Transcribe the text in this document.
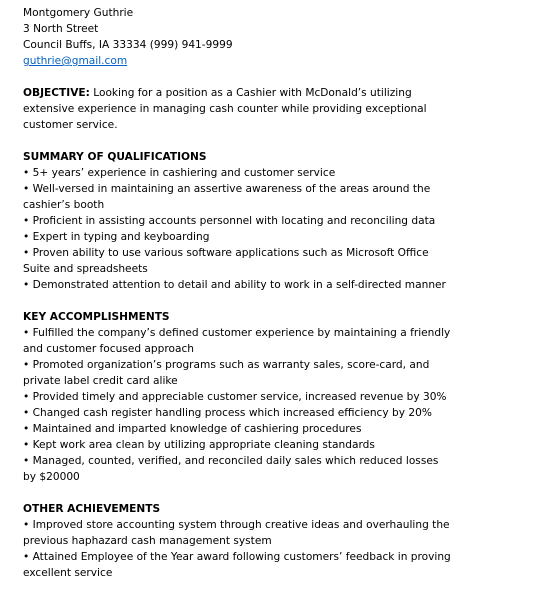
Montgomery Guthrie
3 North Street
Council Buffs, IA 33334 (999) 941-9999
guthrie@gmail.com
OBJECTIVE: Looking for a position as a Cashier with McDonald’s utilizing extensive experience in managing cash counter while providing exceptional customer service.
SUMMARY OF QUALIFICATIONS
• 5+ years’ experience in cashiering and customer service
• Well-versed in maintaining an assertive awareness of the areas around the cashier’s booth
• Proficient in assisting accounts personnel with locating and reconciling data
• Expert in typing and keyboarding
• Proven ability to use various software applications such as Microsoft Office Suite and spreadsheets
• Demonstrated attention to detail and ability to work in a self-directed manner
KEY ACCOMPLISHMENTS
• Fulfilled the company’s defined customer experience by maintaining a friendly and customer focused approach
• Promoted organization’s programs such as warranty sales, score-card, and private label credit card alike
• Provided timely and appreciable customer service, increased revenue by 30%
• Changed cash register handling process which increased efficiency by 20%
• Maintained and imparted knowledge of cashiering procedures
• Kept work area clean by utilizing appropriate cleaning standards
• Managed, counted, verified, and reconciled daily sales which reduced losses by $20000
OTHER ACHIEVEMENTS
• Improved store accounting system through creative ideas and overhauling the previous haphazard cash management system
• Attained Employee of the Year award following customers’ feedback in proving excellent service
